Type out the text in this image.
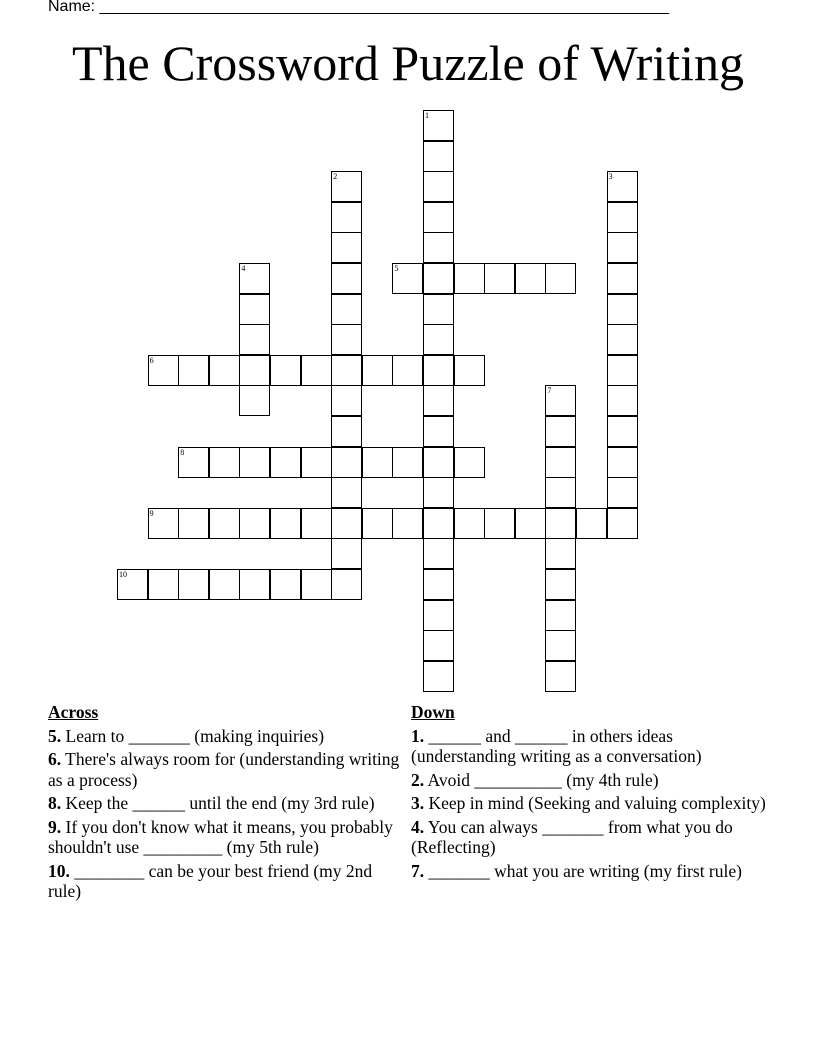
Name: ________________________________________________________________
The Crossword Puzzle of Writing
1
2	3
4	5
6
7
8
9
10
Across
5. Learn to _______ (making inquiries)
6. There's always room for (understanding writing as a process)
8. Keep the ______ until the end (my 3rd rule)
9. If you don't know what it means, you probably shouldn't use _________ (my 5th rule)
10. ________ can be your best friend (my 2nd rule)
Down
1. ______ and ______ in others ideas (understanding writing as a conversation)
2. Avoid __________ (my 4th rule)
3. Keep in mind (Seeking and valuing complexity)
4. You can always _______ from what you do (Reflecting)
7. _______ what you are writing (my first rule)
